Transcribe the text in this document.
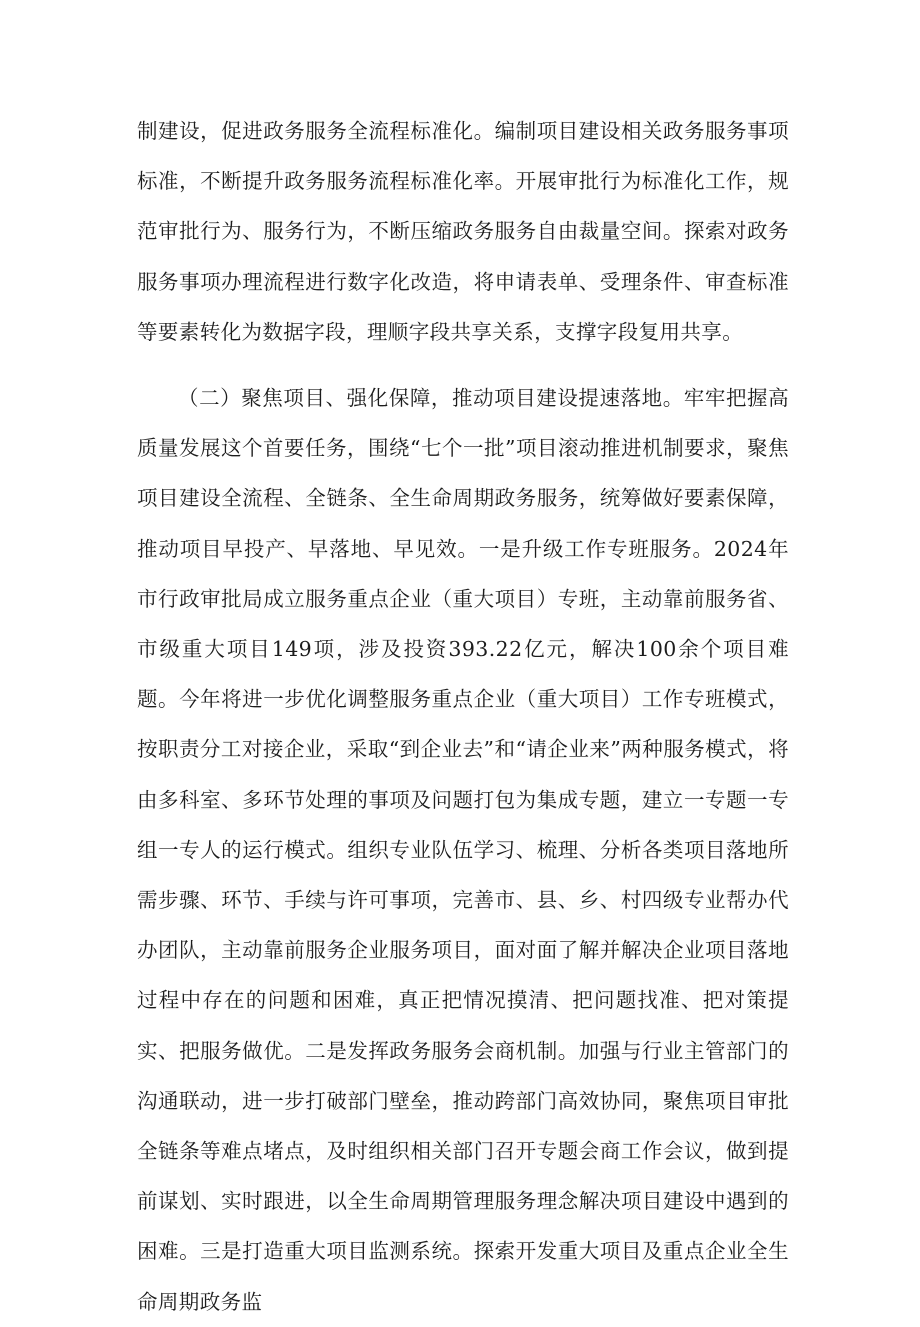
制建设，促进政务服务全流程标准化。编制项目建设相关政务服务事项标准，不断提升政务服务流程标准化率。开展审批行为标准化工作，规范审批行为、服务行为，不断压缩政务服务自由裁量空间。探索对政务服务事项办理流程进行数字化改造，将申请表单、受理条件、审查标准等要素转化为数据字段，理顺字段共享关系，支撑字段复用共享。

（二）聚焦项目、强化保障，推动项目建设提速落地。牢牢把握高质量发展这个首要任务，围绕“七个一批”项目滚动推进机制要求，聚焦项目建设全流程、全链条、全生命周期政务服务，统筹做好要素保障，推动项目早投产、早落地、早见效。一是升级工作专班服务。2024年市行政审批局成立服务重点企业（重大项目）专班，主动靠前服务省、市级重大项目149项，涉及投资393.22亿元，解决100余个项目难题。今年将进一步优化调整服务重点企业（重大项目）工作专班模式，按职责分工对接企业，采取“到企业去”和“请企业来”两种服务模式，将由多科室、多环节处理的事项及问题打包为集成专题，建立一专题一专组一专人的运行模式。组织专业队伍学习、梳理、分析各类项目落地所需步骤、环节、手续与许可事项，完善市、县、乡、村四级专业帮办代办团队，主动靠前服务企业服务项目，面对面了解并解决企业项目落地过程中存在的问题和困难，真正把情况摸清、把问题找准、把对策提实、把服务做优。二是发挥政务服务会商机制。加强与行业主管部门的沟通联动，进一步打破部门壁垒，推动跨部门高效协同，聚焦项目审批全链条等难点堵点，及时组织相关部门召开专题会商工作会议，做到提前谋划、实时跟进，以全生命周期管理服务理念解决项目建设中遇到的困难。三是打造重大项目监测系统。探索开发重大项目及重点企业全生命周期政务监
